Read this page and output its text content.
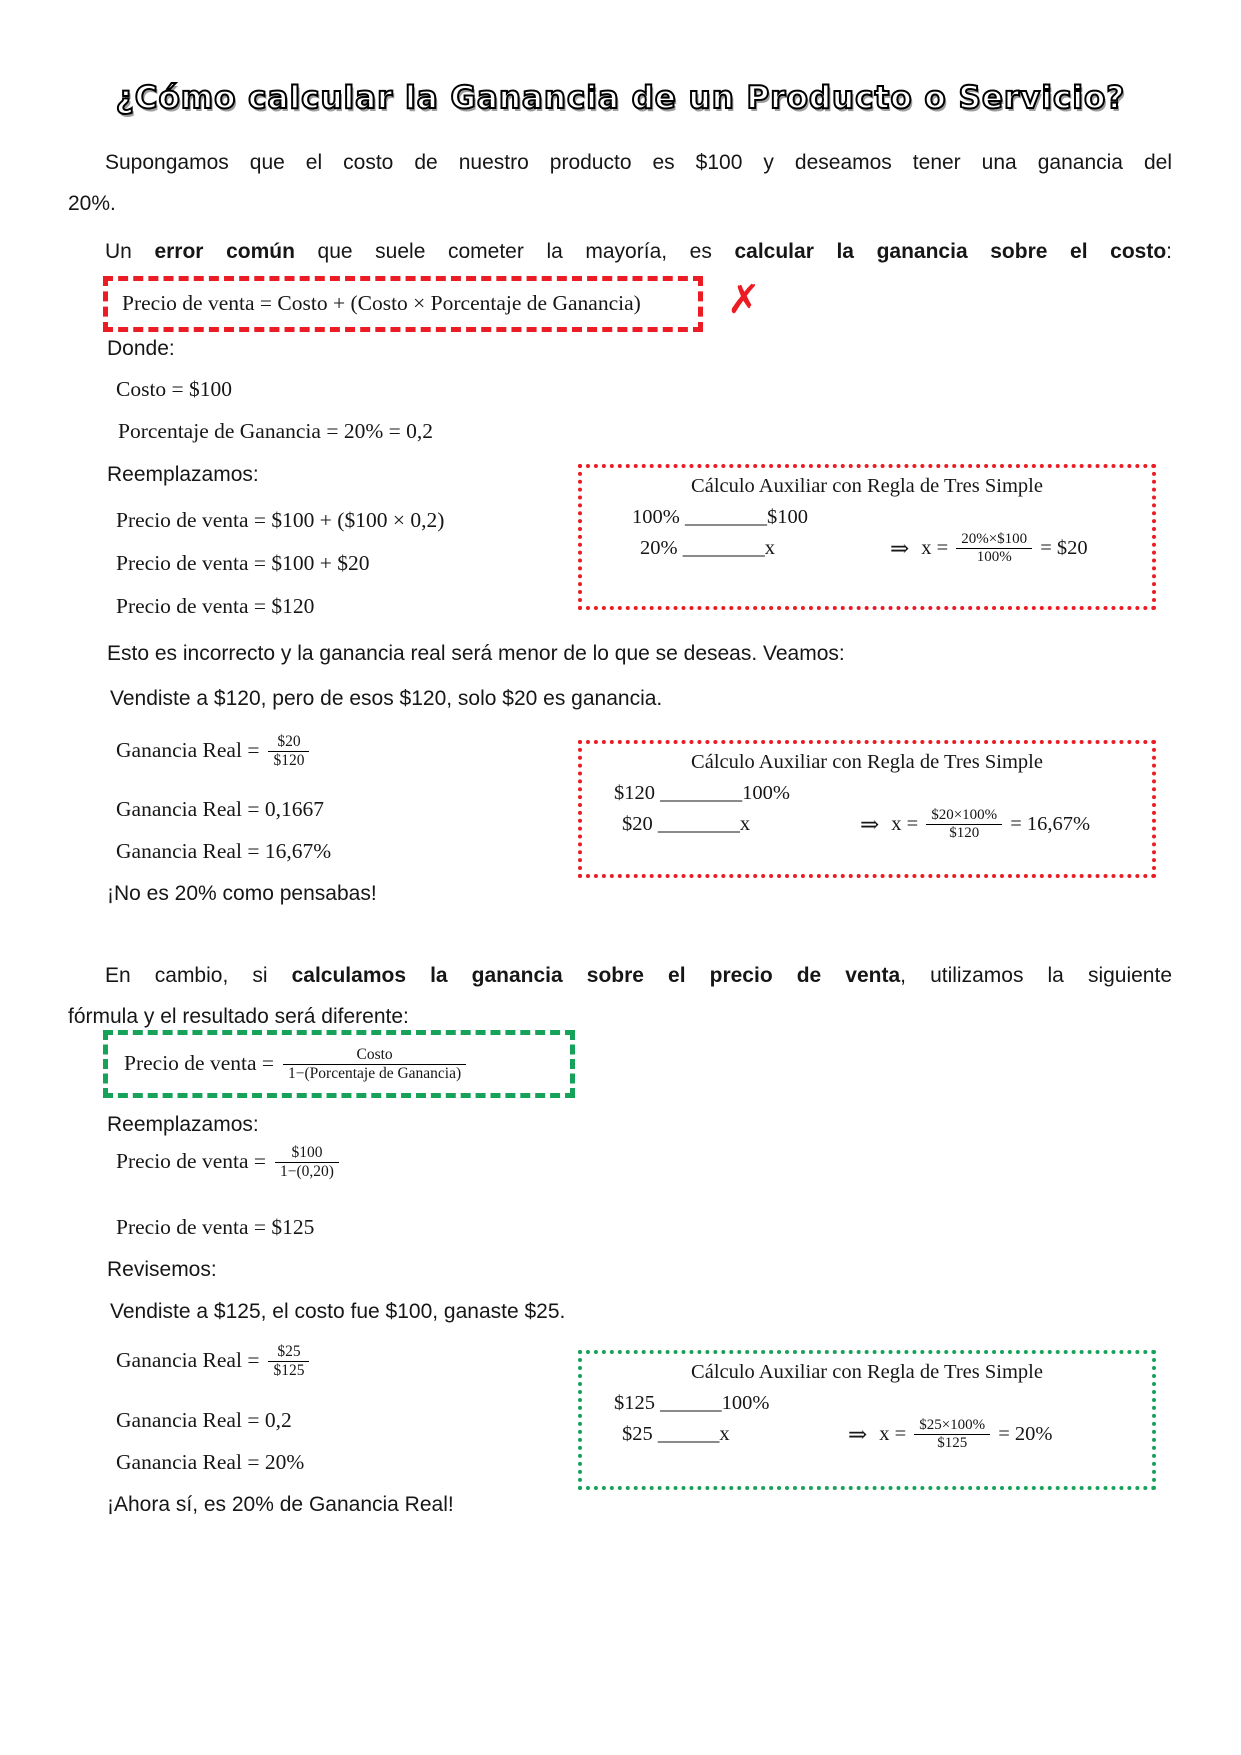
¿Cómo calcular la Ganancia de un Producto o Servicio?
Supongamos que el costo de nuestro producto es $100 y deseamos tener una ganancia del
20%.
Un error común que suele cometer la mayoría, es calcular la ganancia sobre el costo:
Precio de venta = Costo + (Costo × Porcentaje de Ganancia) ✗
Donde:
Costo = $100
Porcentaje de Ganancia = 20% = 0,2
Reemplazamos:
Precio de venta = $100 + ($100 × 0,2)
Precio de venta = $100 + $20
Precio de venta = $120
Cálculo Auxiliar con Regla de Tres Simple
100% ________$100
20% ________x	⇒ $x = \frac{20\%\times\$100}{100\%}$ = $20
Esto es incorrecto y la ganancia real será menor de lo que se deseas. Veamos:
Vendiste a $120, pero de esos $120, solo $20 es ganancia.
Ganancia Real = $\frac{\$20}{\$120}$	Cálculo Auxiliar con Regla de Tres Simple
$120 ________100%
$20 ________x	⇒ $x = \frac{\$20\times 100\%}{\$120} = 16,67\%$
Ganancia Real = 0,1667
Ganancia Real = 16,67%
¡No es 20% como pensabas!
En cambio, si calculamos la ganancia sobre el precio de venta, utilizamos la siguiente
fórmula y el resultado será diferente:
Precio de venta = $\frac{\text{Costo}}{\text{1−(Porcentaje de Ganancia)}}$
Reemplazamos:
Precio de venta = $\frac{\$100}{1-(0,20)}$
Precio de venta = $125
Revisemos:
Vendiste a $125, el costo fue $100, ganaste $25.
Ganancia Real = $\frac{\$25}{\$125}$	Cálculo Auxiliar con Regla de Tres Simple
$125 ______100%
$25 ______x	⇒ $x = \frac{\$25\times 100\%}{\$125} = 20\%$
Ganancia Real = 0,2
Ganancia Real = 20%
¡Ahora sí, es 20% de Ganancia Real!
